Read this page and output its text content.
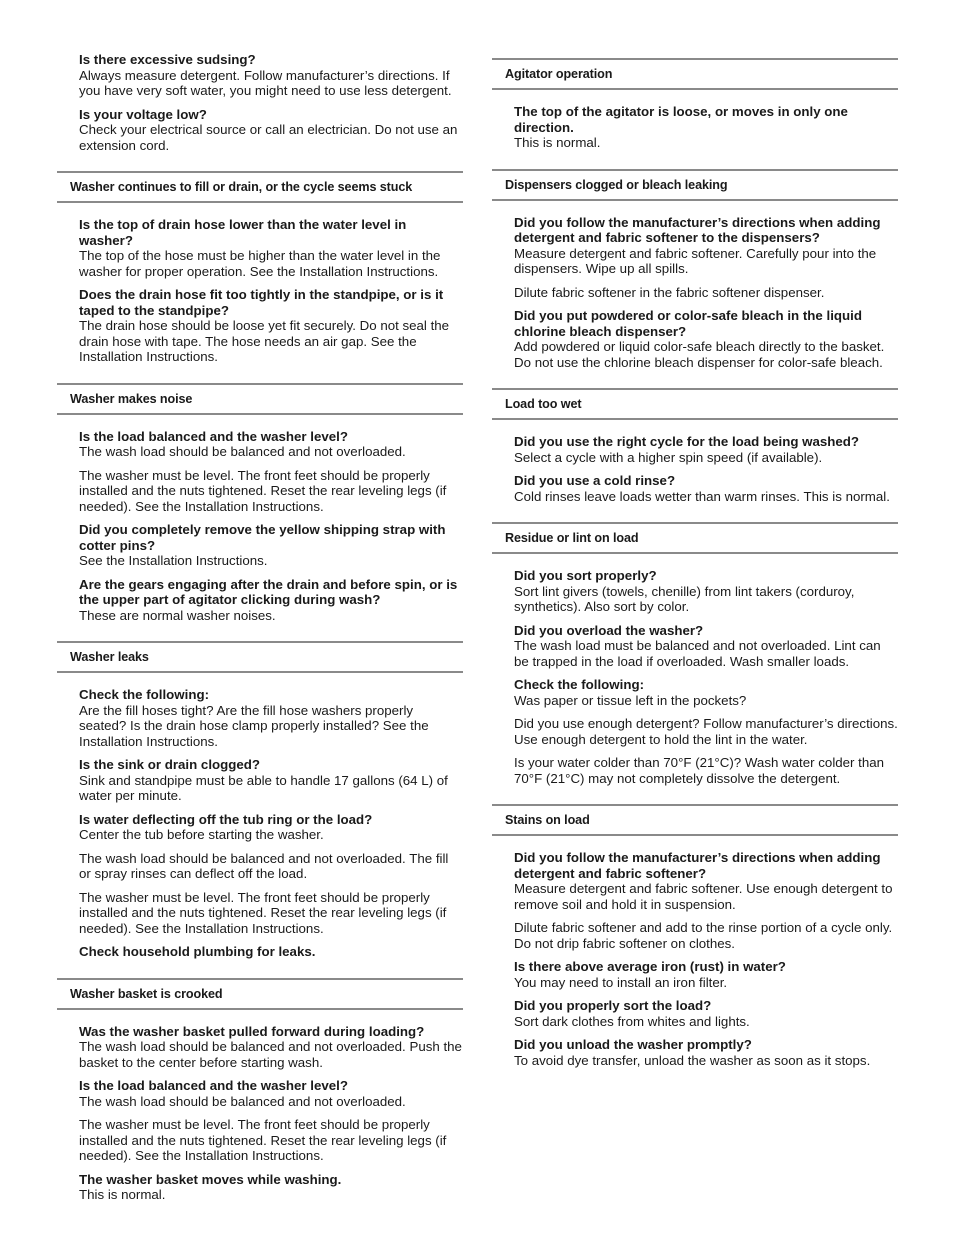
Is there excessive sudsing?

Always measure detergent. Follow manufacturer’s directions. If you have very soft water, you might need to use less detergent.

Is your voltage low?

Check your electrical source or call an electrician. Do not use an extension cord.

Washer continues to fill or drain, or the cycle seems stuck

Is the top of drain hose lower than the water level in washer?

The top of the hose must be higher than the water level in the washer for proper operation. See the Installation Instructions.

Does the drain hose fit too tightly in the standpipe, or is it taped to the standpipe?

The drain hose should be loose yet fit securely. Do not seal the drain hose with tape. The hose needs an air gap. See the Installation Instructions.

Washer makes noise

Is the load balanced and the washer level?

The wash load should be balanced and not overloaded.

The washer must be level. The front feet should be properly installed and the nuts tightened. Reset the rear leveling legs (if needed). See the Installation Instructions.

Did you completely remove the yellow shipping strap with cotter pins?

See the Installation Instructions.

Are the gears engaging after the drain and before spin, or is the upper part of agitator clicking during wash?

These are normal washer noises.

Washer leaks

Check the following:

Are the fill hoses tight? Are the fill hose washers properly seated? Is the drain hose clamp properly installed? See the Installation Instructions.

Is the sink or drain clogged?

Sink and standpipe must be able to handle 17 gallons (64 L) of water per minute.

Is water deflecting off the tub ring or the load?

Center the tub before starting the washer.

The wash load should be balanced and not overloaded. The fill or spray rinses can deflect off the load.

The washer must be level. The front feet should be properly installed and the nuts tightened. Reset the rear leveling legs (if needed). See the Installation Instructions.

Check household plumbing for leaks.

Washer basket is crooked

Was the washer basket pulled forward during loading?

The wash load should be balanced and not overloaded. Push the basket to the center before starting wash.

Is the load balanced and the washer level?

The wash load should be balanced and not overloaded.

The washer must be level. The front feet should be properly installed and the nuts tightened. Reset the rear leveling legs (if needed). See the Installation Instructions.

The washer basket moves while washing.

This is normal.

Agitator operation

The top of the agitator is loose, or moves in only one direction.

This is normal.

Dispensers clogged or bleach leaking

Did you follow the manufacturer’s directions when adding detergent and fabric softener to the dispensers?

Measure detergent and fabric softener. Carefully pour into the dispensers. Wipe up all spills.

Dilute fabric softener in the fabric softener dispenser.

Did you put powdered or color-safe bleach in the liquid chlorine bleach dispenser?

Add powdered or liquid color-safe bleach directly to the basket. Do not use the chlorine bleach dispenser for color-safe bleach.

Load too wet

Did you use the right cycle for the load being washed?

Select a cycle with a higher spin speed (if available).

Did you use a cold rinse?

Cold rinses leave loads wetter than warm rinses. This is normal.

Residue or lint on load

Did you sort properly?

Sort lint givers (towels, chenille) from lint takers (corduroy, synthetics). Also sort by color.

Did you overload the washer?

The wash load must be balanced and not overloaded. Lint can be trapped in the load if overloaded. Wash smaller loads.

Check the following:

Was paper or tissue left in the pockets?

Did you use enough detergent? Follow manufacturer’s directions. Use enough detergent to hold the lint in the water.

Is your water colder than 70°F (21°C)? Wash water colder than 70°F (21°C) may not completely dissolve the detergent.

Stains on load

Did you follow the manufacturer’s directions when adding detergent and fabric softener?

Measure detergent and fabric softener. Use enough detergent to remove soil and hold it in suspension.

Dilute fabric softener and add to the rinse portion of a cycle only. Do not drip fabric softener on clothes.

Is there above average iron (rust) in water?

You may need to install an iron filter.

Did you properly sort the load?

Sort dark clothes from whites and lights.

Did you unload the washer promptly?

To avoid dye transfer, unload the washer as soon as it stops.
